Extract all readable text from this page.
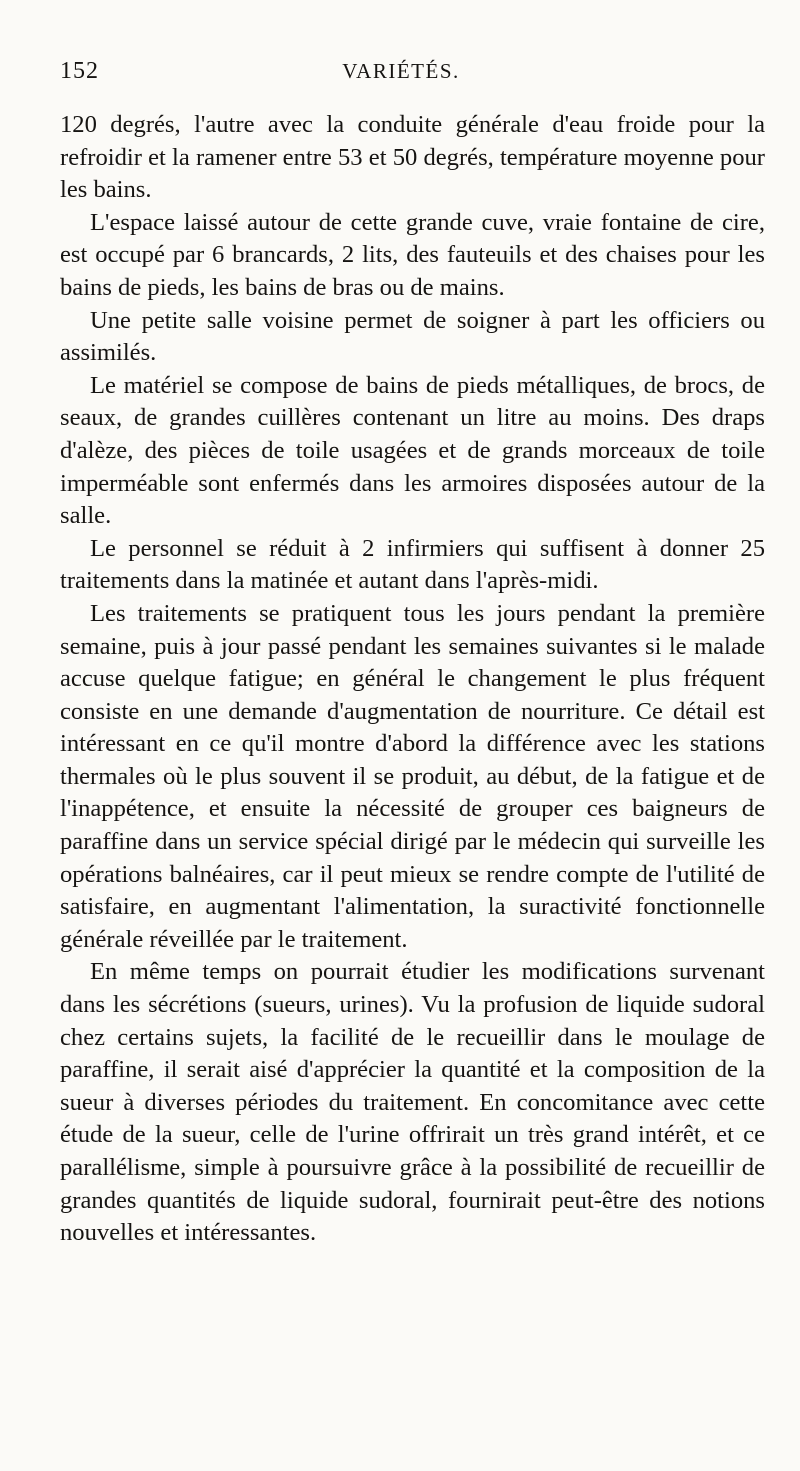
152	VARIÉTÉS.

120 degrés, l'autre avec la conduite générale d'eau froide pour la refroidir et la ramener entre 53 et 50 degrés, température moyenne pour les bains.

L'espace laissé autour de cette grande cuve, vraie fontaine de cire, est occupé par 6 brancards, 2 lits, des fauteuils et des chaises pour les bains de pieds, les bains de bras ou de mains.

Une petite salle voisine permet de soigner à part les officiers ou assimilés.

Le matériel se compose de bains de pieds métalliques, de brocs, de seaux, de grandes cuillères contenant un litre au moins. Des draps d'alèze, des pièces de toile usagées et de grands morceaux de toile imperméable sont enfermés dans les armoires disposées autour de la salle.

Le personnel se réduit à 2 infirmiers qui suffisent à donner 25 traitements dans la matinée et autant dans l'après-midi.

Les traitements se pratiquent tous les jours pendant la première semaine, puis à jour passé pendant les semaines suivantes si le malade accuse quelque fatigue; en général le changement le plus fréquent consiste en une demande d'augmentation de nourriture. Ce détail est intéressant en ce qu'il montre d'abord la différence avec les stations thermales où le plus souvent il se produit, au début, de la fatigue et de l'inappétence, et ensuite la nécessité de grouper ces baigneurs de paraffine dans un service spécial dirigé par le médecin qui surveille les opérations balnéaires, car il peut mieux se rendre compte de l'utilité de satisfaire, en augmentant l'alimentation, la suractivité fonctionnelle générale réveillée par le traitement.

En même temps on pourrait étudier les modifications survenant dans les sécrétions (sueurs, urines). Vu la profusion de liquide sudoral chez certains sujets, la facilité de le recueillir dans le moulage de paraffine, il serait aisé d'apprécier la quantité et la composition de la sueur à diverses périodes du traitement. En concomitance avec cette étude de la sueur, celle de l'urine offrirait un très grand intérêt, et ce parallélisme, simple à poursuivre grâce à la possibilité de recueillir de grandes quantités de liquide sudoral, fournirait peut-être des notions nouvelles et intéressantes.
